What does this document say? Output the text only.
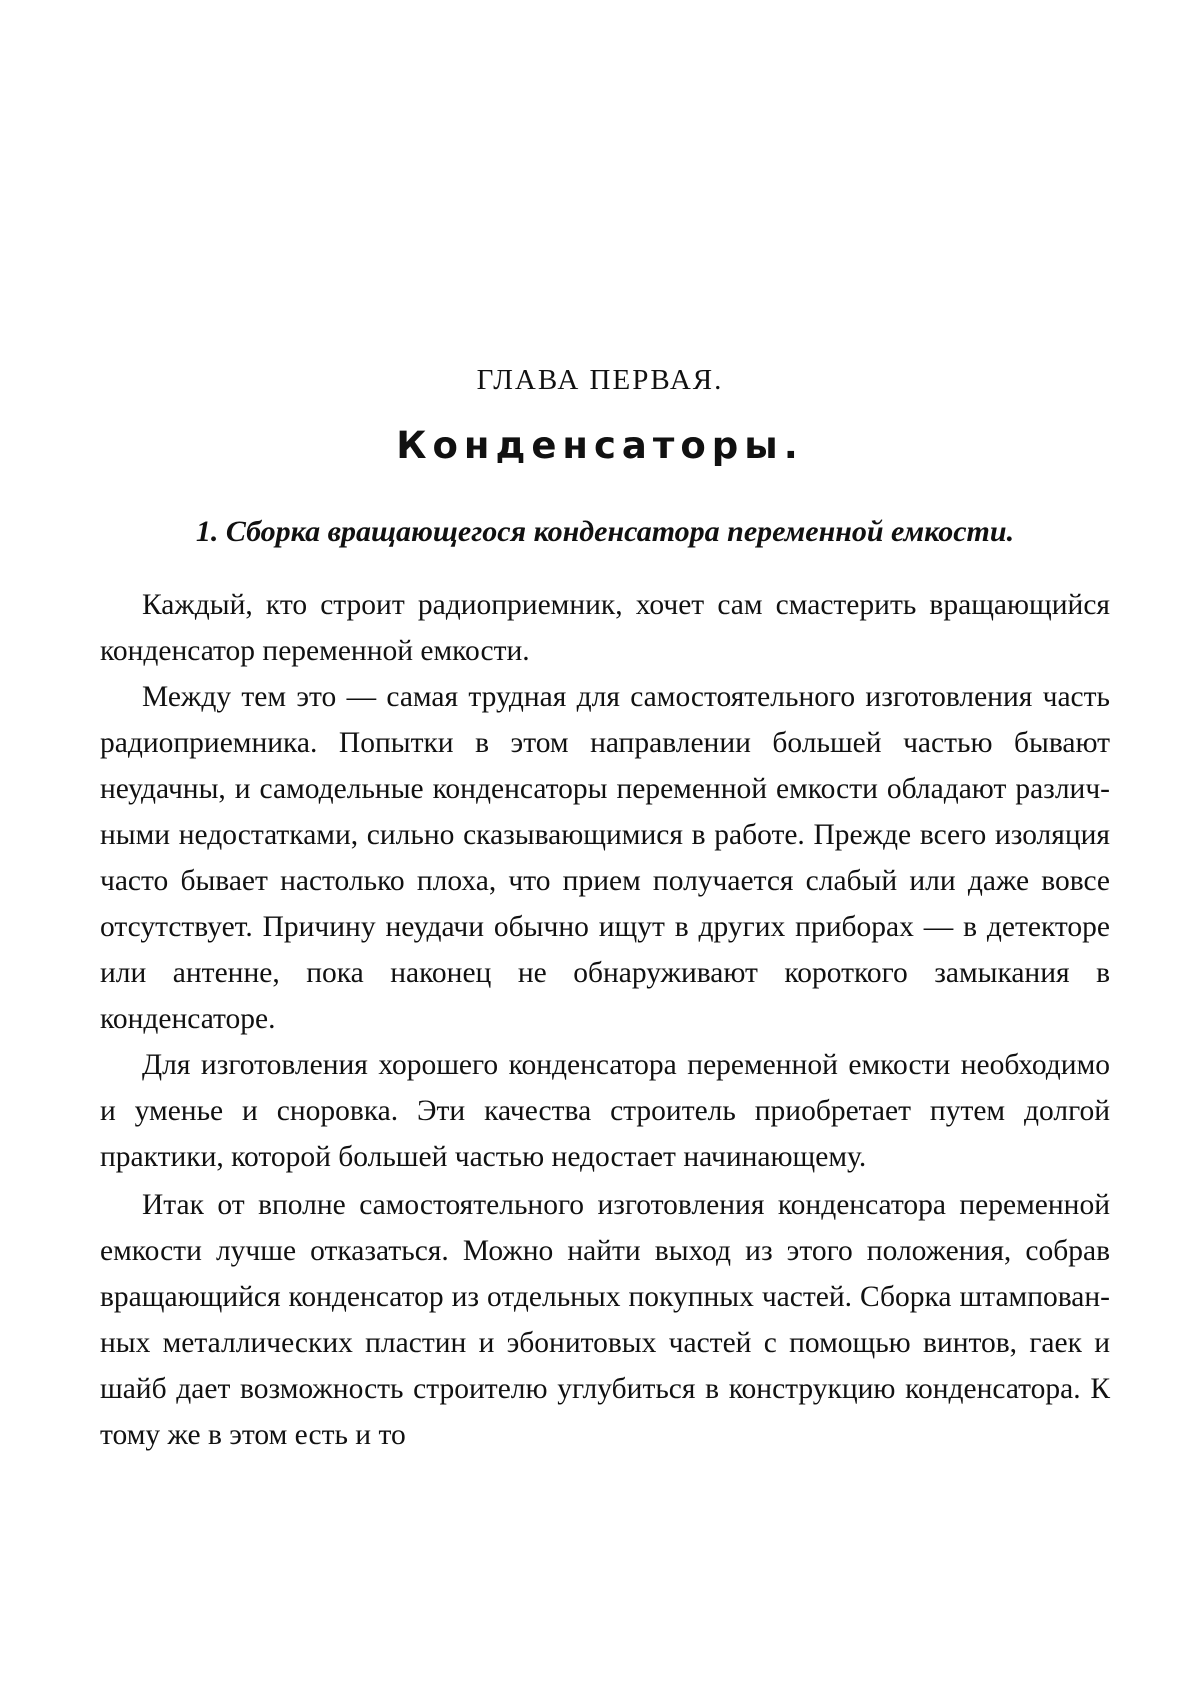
ГЛАВА ПЕРВАЯ.
Конденсаторы.
1. Сборка вращающегося конденсатора переменной емкости.

Каждый, кто строит радиоприемник, хочет сам смастерить вращающийся конденсатор переменной емкости.

Между тем это — самая трудная для самостоятельного изготовления часть радиоприемника. Попытки в этом направлении большей частью бывают неудачны, и самодельные конденсаторы переменной емкости обладают различными недостатками, сильно сказывающимися в работе. Прежде всего изоляция часто бывает настолько плоха, что прием получается слабый или даже вовсе отсутствует. Причину неудачи обычно ищут в других приборах — в детекторе или антенне, пока наконец не обнаруживают короткого замыкания в конденсаторе.

Для изготовления хорошего конденсатора переменной емкости необходимо и уменье и сноровка. Эти качества строитель приобретает путем долгой практики, которой большей частью недостает начинающему.

Итак от вполне самостоятельного изготовления конденсатора переменной емкости лучше отказаться. Можно найти выход из этого положения, собрав вращающийся конденсатор из отдельных покупных частей. Сборка штампованных металлических пластин и эбонитовых частей с помощью винтов, гаек и шайб дает возможность строителю углубиться в конструкцию конденсатора. К тому же в этом есть и то
